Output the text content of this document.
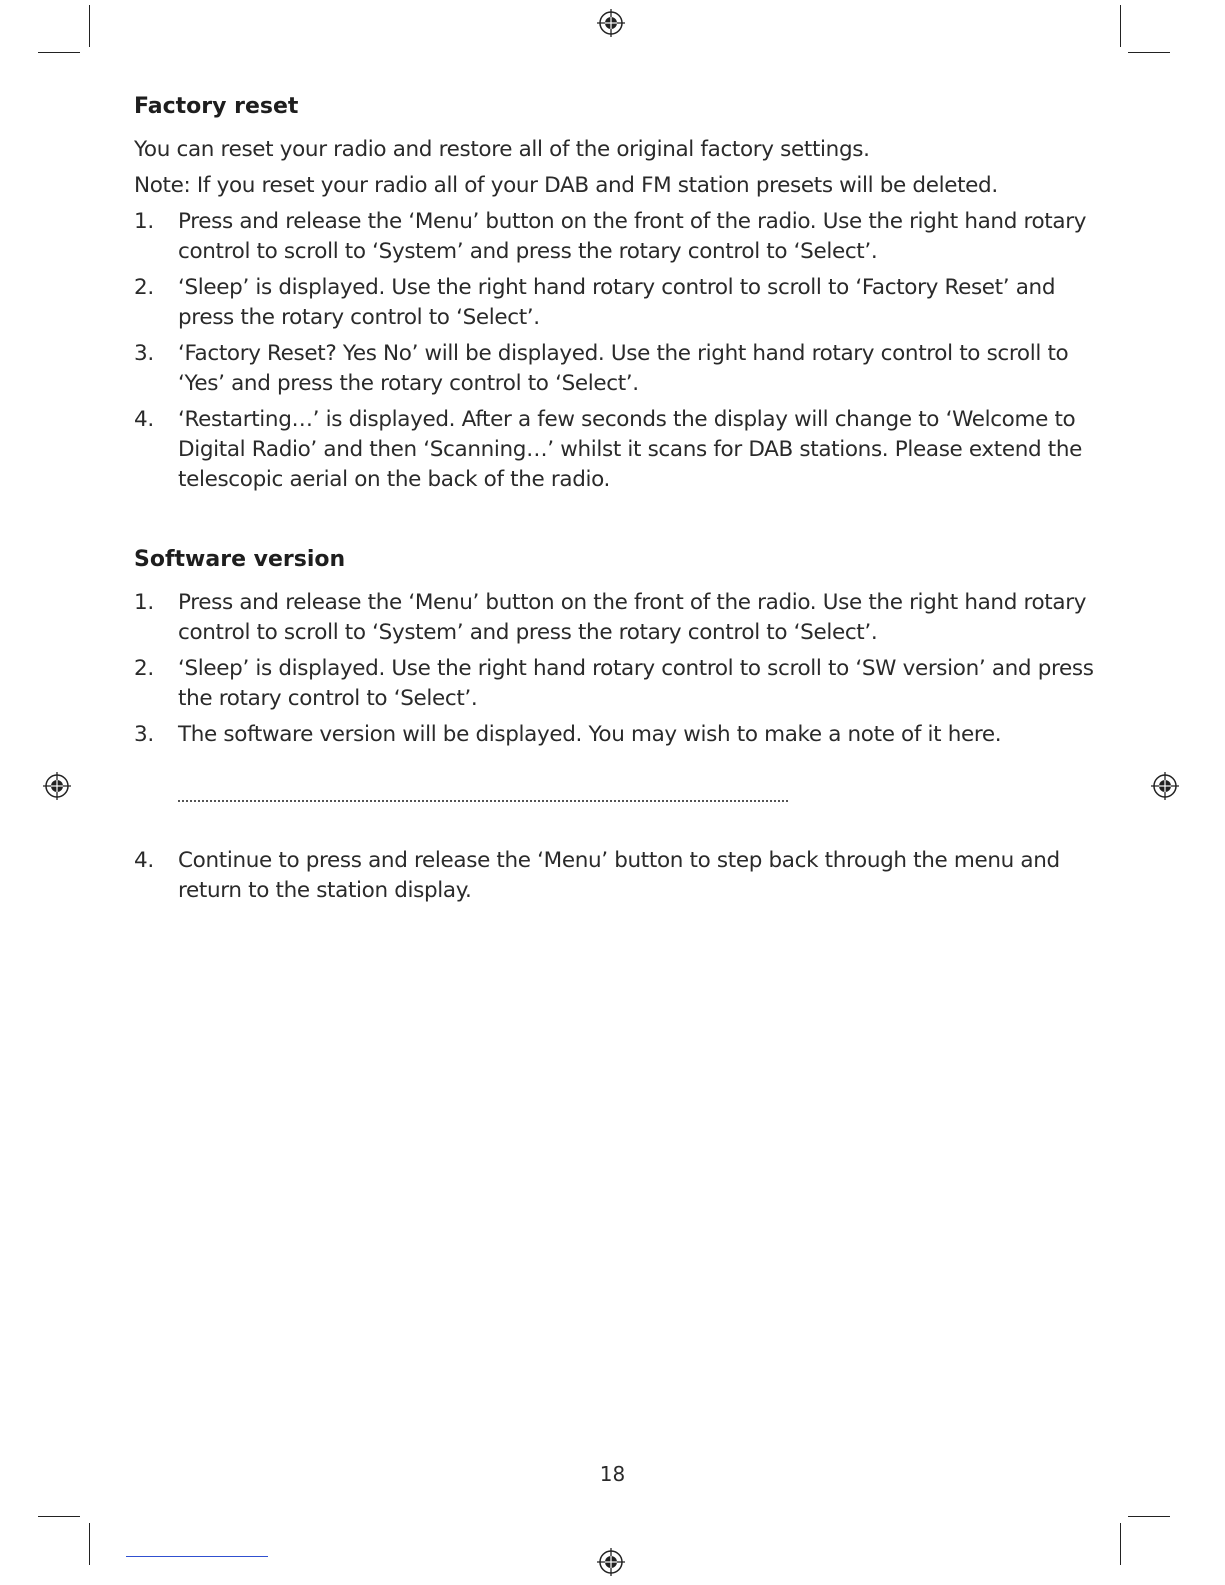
Factory reset

You can reset your radio and restore all of the original factory settings.

Note: If you reset your radio all of your DAB and FM station presets will be deleted.

1. Press and release the ‘Menu’ button on the front of the radio. Use the right hand rotary control to scroll to ‘System’ and press the rotary control to ‘Select’.
2. ‘Sleep’ is displayed. Use the right hand rotary control to scroll to ‘Factory Reset’ and press the rotary control to ‘Select’.
3. ‘Factory Reset? Yes No’ will be displayed. Use the right hand rotary control to scroll to ‘Yes’ and press the rotary control to ‘Select’.
4. ‘Restarting…’ is displayed. After a few seconds the display will change to ‘Welcome to Digital Radio’ and then ‘Scanning…’ whilst it scans for DAB stations. Please extend the telescopic aerial on the back of the radio.
Software version
1. Press and release the ‘Menu’ button on the front of the radio. Use the right hand rotary control to scroll to ‘System’ and press the rotary control to ‘Select’.
2. ‘Sleep’ is displayed. Use the right hand rotary control to scroll to ‘SW version’ and press the rotary control to ‘Select’.
3. The software version will be displayed. You may wish to make a note of it here.
4. Continue to press and release the ‘Menu’ button to step back through the menu and return to the station display.
18
